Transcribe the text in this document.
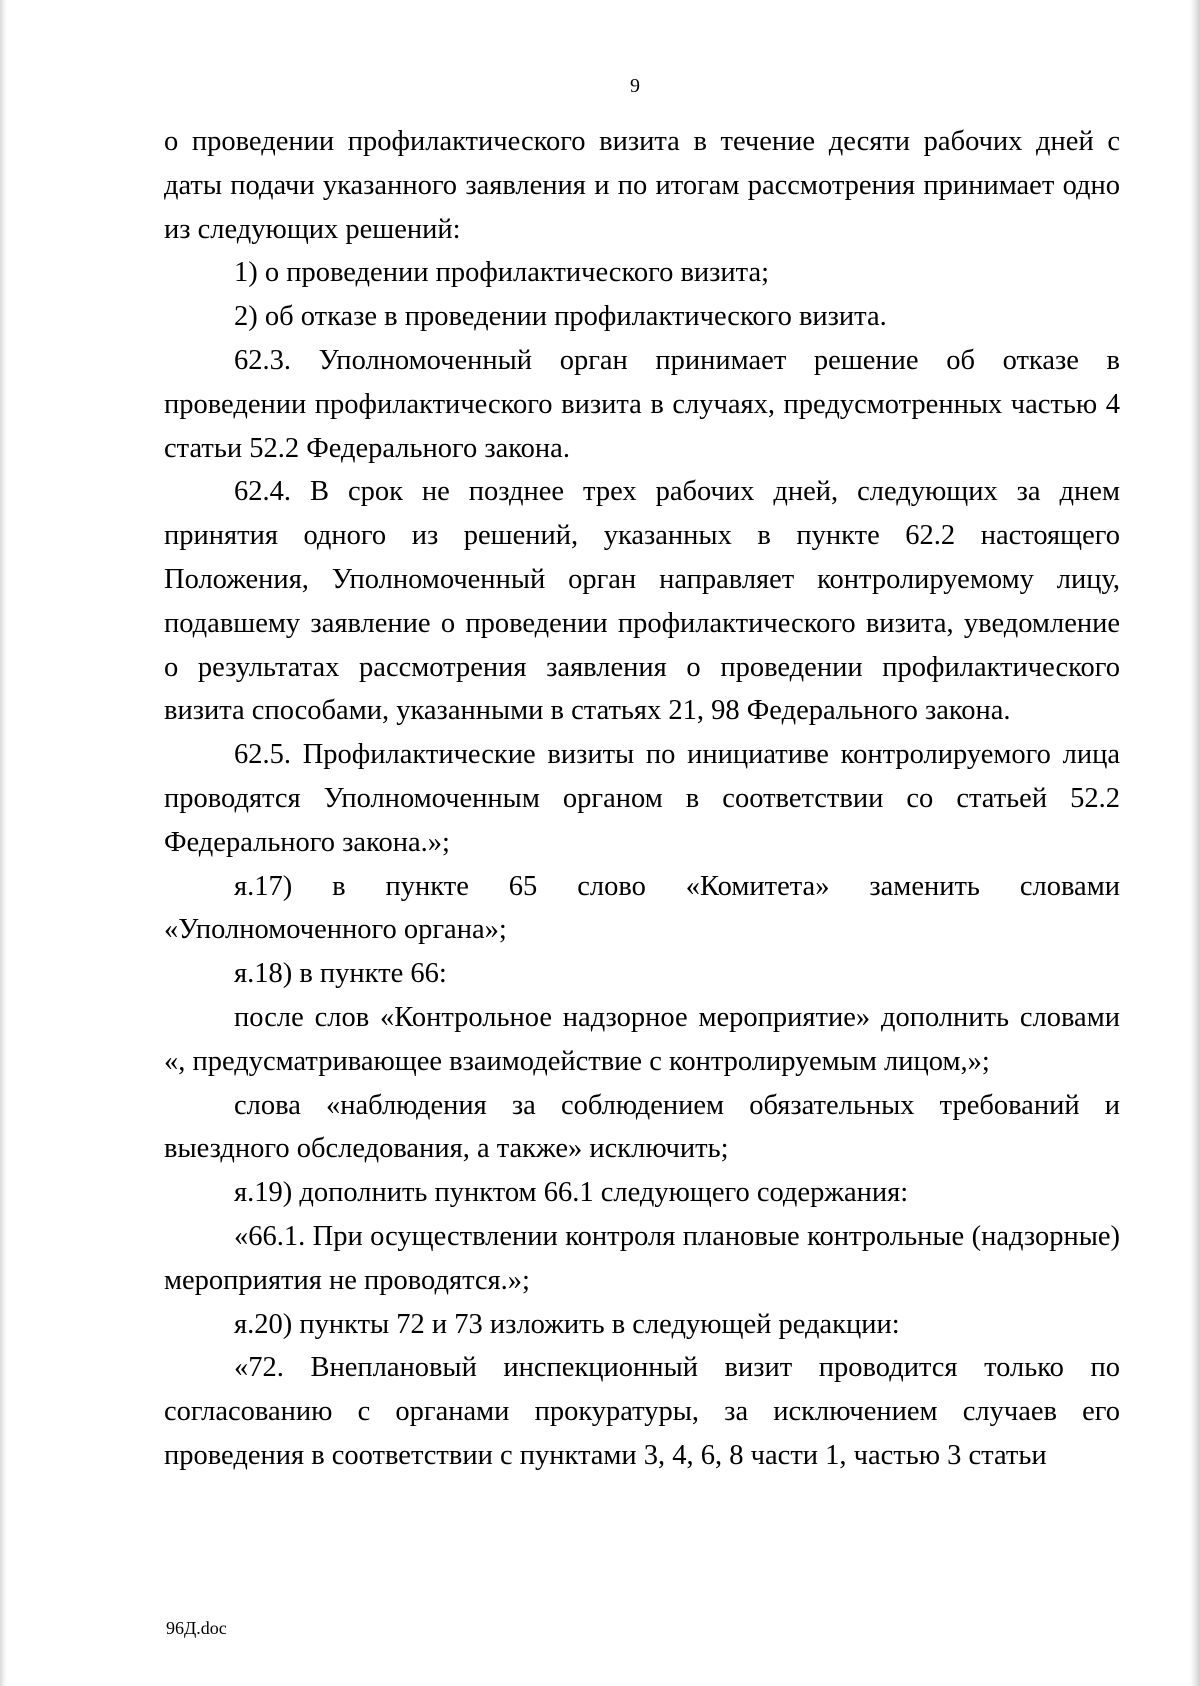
9

о проведении профилактического визита в течение десяти рабочих дней с даты подачи указанного заявления и по итогам рассмотрения принимает одно из следующих решений:

1) о проведении профилактического визита;

2) об отказе в проведении профилактического визита.

62.3. Уполномоченный орган принимает решение об отказе в проведении профилактического визита в случаях, предусмотренных частью 4 статьи 52.2 Федерального закона.

62.4. В срок не позднее трех рабочих дней, следующих за днем принятия одного из решений, указанных в пункте 62.2 настоящего Положения, Уполномоченный орган направляет контролируемому лицу, подавшему заявление о проведении профилактического визита, уведомление о результатах рассмотрения заявления о проведении профилактического визита способами, указанными в статьях 21, 98 Федерального закона.

62.5. Профилактические визиты по инициативе контролируемого лица проводятся Уполномоченным органом в соответствии со статьей 52.2 Федерального закона.»;

я.17) в пункте 65 слово «Комитета» заменить словами «Уполномоченного органа»;

я.18) в пункте 66:

после слов «Контрольное надзорное мероприятие» дополнить словами «, предусматривающее взаимодействие с контролируемым лицом,»;

слова «наблюдения за соблюдением обязательных требований и выездного обследования, а также» исключить;

я.19) дополнить пунктом 66.1 следующего содержания:

«66.1. При осуществлении контроля плановые контрольные (надзорные) мероприятия не проводятся.»;

я.20) пункты 72 и 73 изложить в следующей редакции:

«72. Внеплановый инспекционный визит проводится только по согласованию с органами прокуратуры, за исключением случаев его проведения в соответствии с пунктами 3, 4, 6, 8 части 1, частью 3 статьи

96Д.doc
